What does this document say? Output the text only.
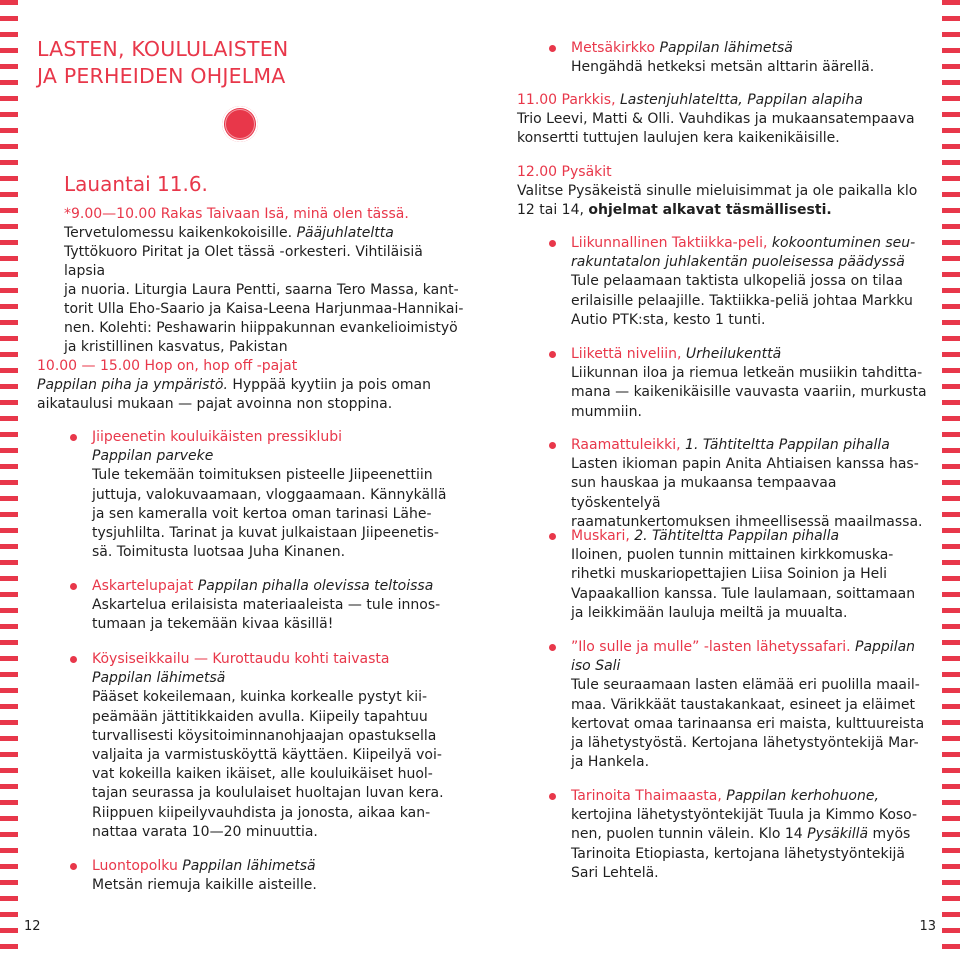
LASTEN, KOULULAISTEN
JA PERHEIDEN OHJELMA
Lauantai 11.6.

*9.00—10.00 Rakas Taivaan Isä, minä olen tässä.

Tervetulomessu kaikenkokoisille. Pääjuhlateltta

Tyttökuoro Piritat ja Olet tässä -orkesteri. Vihtiläisiä lapsia

ja nuoria. Liturgia Laura Pentti, saarna Tero Massa, kant-

torit Ulla Eho-Saario ja Kaisa-Leena Harjunmaa-Hannikai-

nen. Kolehti: Peshawarin hiippakunnan evankelioimistyö

ja kristillinen kasvatus, Pakistan

10.00 — 15.00 Hop on, hop off -pajat

Pappilan piha ja ympäristö. Hyppää kyytiin ja pois oman

aikataulusi mukaan — pajat avoinna non stoppina.

Jiipeenetin kouluikäisten pressiklubi

Pappilan parveke

Tule tekemään toimituksen pisteelle Jiipeenettiin

juttuja, valokuvaamaan, vloggaamaan. Kännykällä

ja sen kameralla voit kertoa oman tarinasi Lähe-

tysjuhlilta. Tarinat ja kuvat julkaistaan Jiipeenetis-

sä. Toimitusta luotsaa Juha Kinanen.

Askartelupajat Pappilan pihalla olevissa teltoissa

Askartelua erilaisista materiaaleista — tule innos-

tumaan ja tekemään kivaa käsillä!

Köysiseikkailu — Kurottaudu kohti taivasta

Pappilan lähimetsä

Pääset kokeilemaan, kuinka korkealle pystyt kii-

peämään jättitikkaiden avulla. Kiipeily tapahtuu

turvallisesti köysitoiminnanohjaajan opastuksella

valjaita ja varmistusköyttä käyttäen. Kiipeilyä voi-

vat kokeilla kaiken ikäiset, alle kouluikäiset huol-

tajan seurassa ja koululaiset huoltajan luvan kera.

Riippuen kiipeilyvauhdista ja jonosta, aikaa kan-

nattaa varata 10—20 minuuttia.

Luontopolku Pappilan lähimetsä

Metsän riemuja kaikille aisteille.

12

Metsäkirkko Pappilan lähimetsä

Hengähdä hetkeksi metsän alttarin äärellä.

11.00 Parkkis, Lastenjuhlateltta, Pappilan alapiha

Trio Leevi, Matti & Olli. Vauhdikas ja mukaansatempaava

konsertti tuttujen laulujen kera kaikenikäisille.

12.00 Pysäkit

Valitse Pysäkeistä sinulle mieluisimmat ja ole paikalla klo

12 tai 14, ohjelmat alkavat täsmällisesti.

Liikunnallinen Taktiikka-peli, kokoontuminen seu-

rakuntatalon juhlakentän puoleisessa päädyssä

Tule pelaamaan taktista ulkopeliä jossa on tilaa

erilaisille pelaajille. Taktiikka-peliä johtaa Markku

Autio PTK:sta, kesto 1 tunti.

Liikettä niveliin, Urheilukenttä

Liikunnan iloa ja riemua letkeän musiikin tahditta-

mana — kaikenikäisille vauvasta vaariin, murkusta

mummiin.

Raamattuleikki, 1. Tähtiteltta Pappilan pihalla

Lasten ikioman papin Anita Ahtiaisen kanssa has-

sun hauskaa ja mukaansa tempaavaa työskentelyä

raamatunkertomuksen ihmeellisessä maailmassa.

Muskari, 2. Tähtiteltta Pappilan pihalla

Iloinen, puolen tunnin mittainen kirkkomuska-

rihetki muskariopettajien Liisa Soinion ja Heli

Vapaakallion kanssa. Tule laulamaan, soittamaan

ja leikkimään lauluja meiltä ja muualta.

”Ilo sulle ja mulle” -lasten lähetyssafari. Pappilan

iso Sali

Tule seuraamaan lasten elämää eri puolilla maail-

maa. Värikkäät taustakankaat, esineet ja eläimet

kertovat omaa tarinaansa eri maista, kulttuureista

ja lähetystyöstä. Kertojana lähetystyöntekijä Mar-

ja Hankela.

Tarinoita Thaimaasta, Pappilan kerhohuone,

kertojina lähetystyöntekijät Tuula ja Kimmo Koso-

nen, puolen tunnin välein. Klo 14 Pysäkillä myös

Tarinoita Etiopiasta, kertojana lähetystyöntekijä

Sari Lehtelä.

13
